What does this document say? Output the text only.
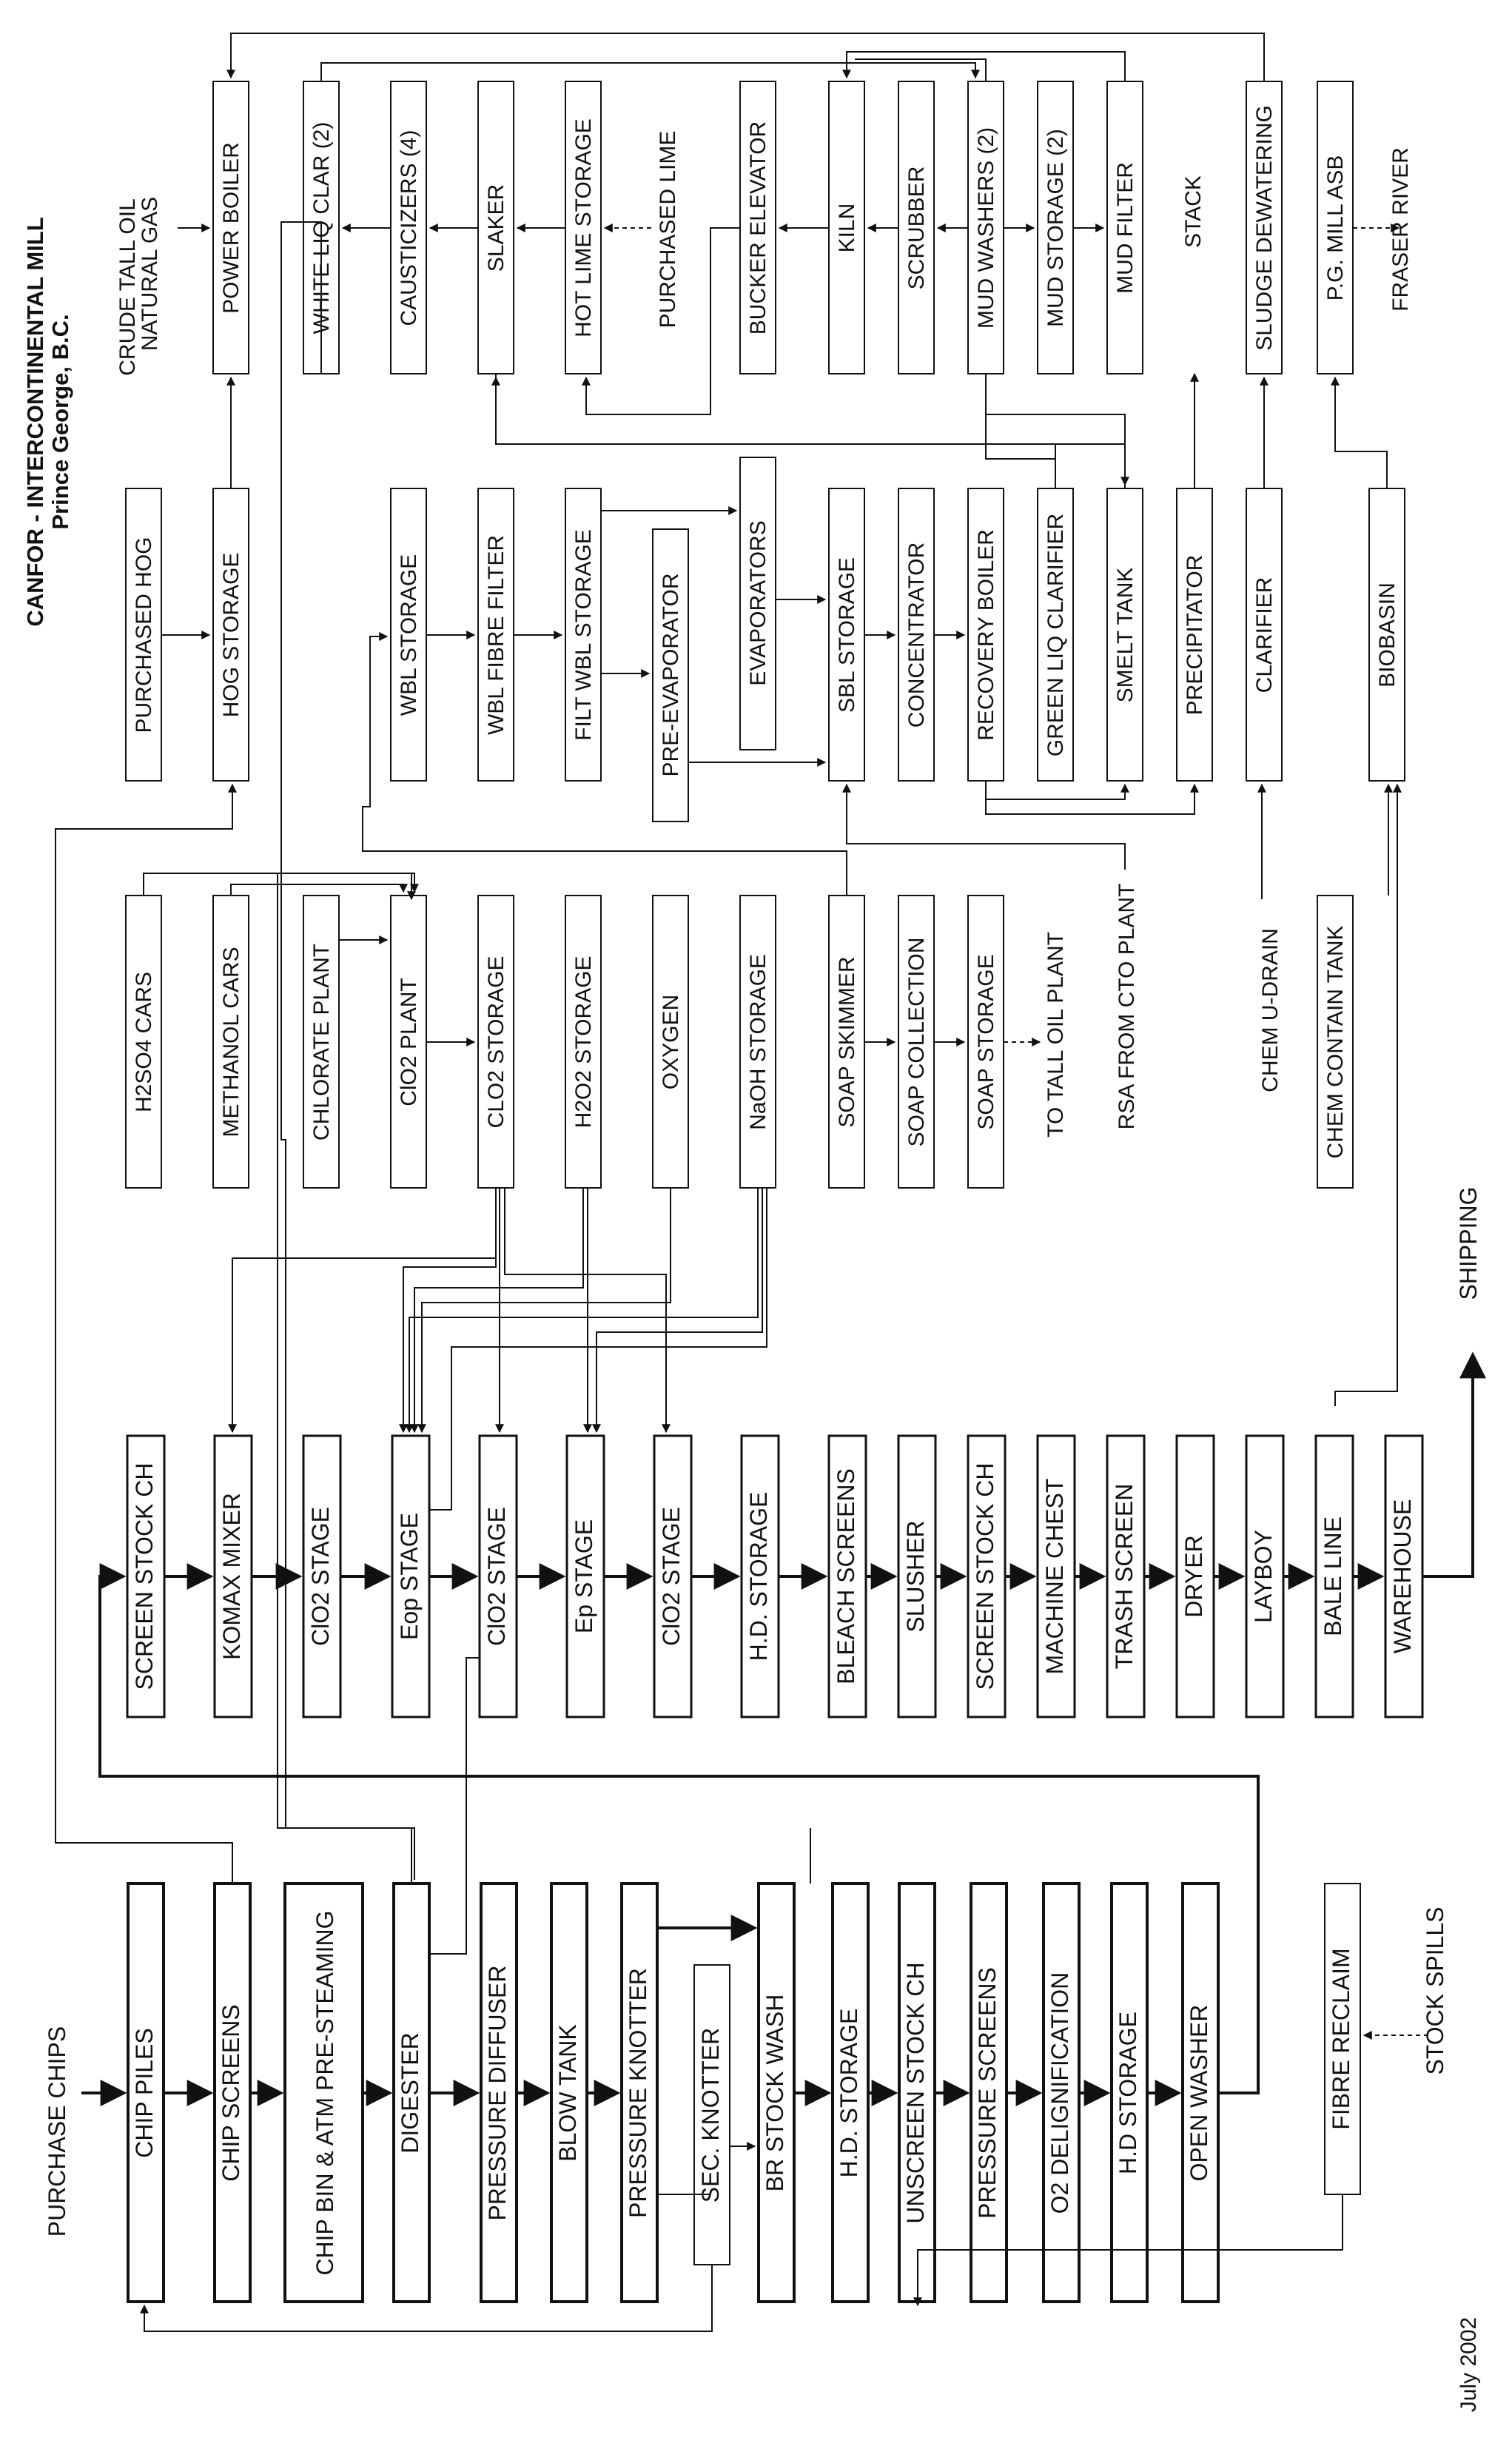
CHIP PILES	CHIP SCREENS	CHIP BIN & ATM PRE-STEAMING DIGESTER	PRESSURE DIFFUSER BLOW TANK PRESSURE KNOTTER	BR STOCK WASH H.D. STORAGE UNSCREEN STOCK CH PRESSURE SCREENS O2 DELIGNIFICATION H.D STORAGE OPEN WASHER
SEC. KNOTTER	FIBRE RECLAIM
PURCHASE CHIPS
STOCK SPILLS
SCREEN STOCK CH	KOMAX MIXER	ClO2 STAGE	Eop STAGE	ClO2 STAGE	Ep STAGE	ClO2 STAGE	H.D. STORAGE	BLEACH SCREENS SLUSHER SCREEN STOCK CH MACHINE CHEST TRASH SCREEN DRYER LAYBOY BALE LINE WAREHOUSE
SHIPPING
H2SO4 CARS	METHANOL CARS	CHLORATE PLANT	ClO2 PLANT	CLO2 STORAGE	H2O2 STORAGE	OXYGEN	NaOH STORAGE	SOAP SKIMMER SOAP COLLECTION SOAP STORAGE	CHEM CONTAIN TANK
TO TALL OIL PLANT RSA FROM CTO PLANT	CHEM U-DRAIN
PURCHASED HOG	HOG STORAGE	WBL STORAGE	WBL FIBRE FILTER	FILT WBL STORAGE	PRE-EVAPORATOR	EVAPORATORS	SBL STORAGE CONCENTRATOR RECOVERY BOILER GREEN LIQ CLARIFIER SMELT TANK PRECIPITATOR CLARIFIER	BIOBASIN
POWER BOILER	WHITE LIQ CLAR (2)	CAUSTICIZERS (4)	SLAKER	HOT LIME STORAGE	BUCKER ELEVATOR	KILN SCRUBBER MUD WASHERS (2) MUD STORAGE (2) MUD FILTER	SLUDGE DEWATERING P.G. MILL ASB
CRUDE TALL OIL
NATURAL GAS	PURCHASED LIME	STACK	FRASER RIVER
CANFOR - INTERCONTINENTAL MILL Prince George, B.C.
July 2002
